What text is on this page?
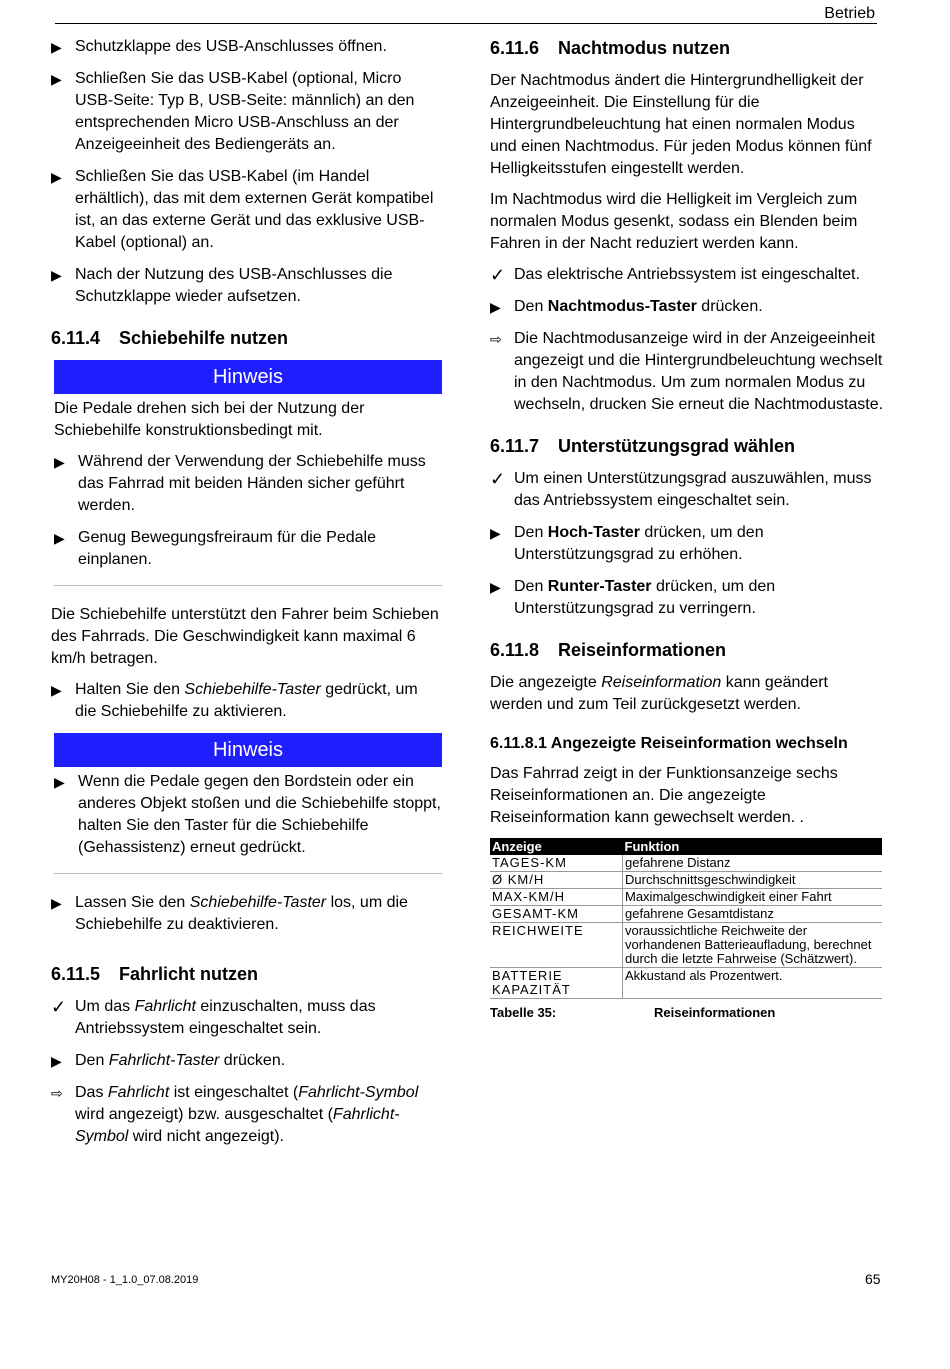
Betrieb
▶ Schutzklappe des USB-Anschlusses öffnen.
▶ Schließen Sie das USB-Kabel (optional, Micro USB-Seite: Typ B, USB-Seite: männlich) an den entsprechenden Micro USB-Anschluss an der Anzeigeeinheit des Bediengeräts an.
▶ Schließen Sie das USB-Kabel (im Handel erhältlich), das mit dem externen Gerät kompatibel ist, an das externe Gerät und das exklusive USB-Kabel (optional) an.
▶ Nach der Nutzung des USB-Anschlusses die Schutzklappe wieder aufsetzen.
6.11.4 Schiebehilfe nutzen
Hinweis

Die Pedale drehen sich bei der Nutzung der Schiebehilfe konstruktionsbedingt mit.

▶ Während der Verwendung der Schiebehilfe muss das Fahrrad mit beiden Händen sicher geführt werden.
▶ Genug Bewegungsfreiraum für die Pedale einplanen.

Die Schiebehilfe unterstützt den Fahrer beim Schieben des Fahrrads. Die Geschwindigkeit kann maximal 6 km/h betragen.

▶ Halten Sie den Schiebehilfe-Taster gedrückt, um die Schiebehilfe zu aktivieren.
Hinweis
▶ Wenn die Pedale gegen den Bordstein oder ein anderes Objekt stoßen und die Schiebehilfe stoppt, halten Sie den Taster für die Schiebehilfe (Gehassistenz) erneut gedrückt.
▶ Lassen Sie den Schiebehilfe-Taster los, um die Schiebehilfe zu deaktivieren.
6.11.5 Fahrlicht nutzen
✓ Um das Fahrlicht einzuschalten, muss das Antriebssystem eingeschaltet sein.
▶ Den Fahrlicht-Taster drücken.
⇨ Das Fahrlicht ist eingeschaltet (Fahrlicht-Symbol wird angezeigt) bzw. ausgeschaltet (Fahrlicht-Symbol wird nicht angezeigt).
6.11.6 Nachtmodus nutzen

Der Nachtmodus ändert die Hintergrundhelligkeit der Anzeigeeinheit. Die Einstellung für die Hintergrundbeleuchtung hat einen normalen Modus und einen Nachtmodus. Für jeden Modus können fünf Helligkeitsstufen eingestellt werden.

Im Nachtmodus wird die Helligkeit im Vergleich zum normalen Modus gesenkt, sodass ein Blenden beim Fahren in der Nacht reduziert werden kann.

✓ Das elektrische Antriebssystem ist eingeschaltet.
▶ Den Nachtmodus-Taster drücken.
⇨ Die Nachtmodusanzeige wird in der Anzeigeeinheit angezeigt und die Hintergrundbeleuchtung wechselt in den Nachtmodus. Um zum normalen Modus zu wechseln, drucken Sie erneut die Nachtmodustaste.
6.11.7 Unterstützungsgrad wählen
✓ Um einen Unterstützungsgrad auszuwählen, muss das Antriebssystem eingeschaltet sein.
▶ Den Hoch-Taster drücken, um den Unterstützungsgrad zu erhöhen.
▶ Den Runter-Taster drücken, um den Unterstützungsgrad zu verringern.
6.11.8 Reiseinformationen

Die angezeigte Reiseinformation kann geändert werden und zum Teil zurückgesetzt werden.

6.11.8.1 Angezeigte Reiseinformation wechseln

Das Fahrrad zeigt in der Funktionsanzeige sechs Reiseinformationen an. Die angezeigte Reiseinformation kann gewechselt werden. .

Anzeige	Funktion
TAGES-KM	gefahrene Distanz
Ø KM/H	Durchschnittsgeschwindigkeit
MAX-KM/H	Maximalgeschwindigkeit einer Fahrt
GESAMT-KM	gefahrene Gesamtdistanz
REICHWEITE	voraussichtliche Reichweite der vorhandenen Batterieaufladung, berechnet durch die letzte Fahrweise (Schätzwert).
BATTERIE KAPAZITÄT	Akkustand als Prozentwert.
Tabelle 35:	Reiseinformationen
MY20H08 - 1_1.0_07.08.2019	65
